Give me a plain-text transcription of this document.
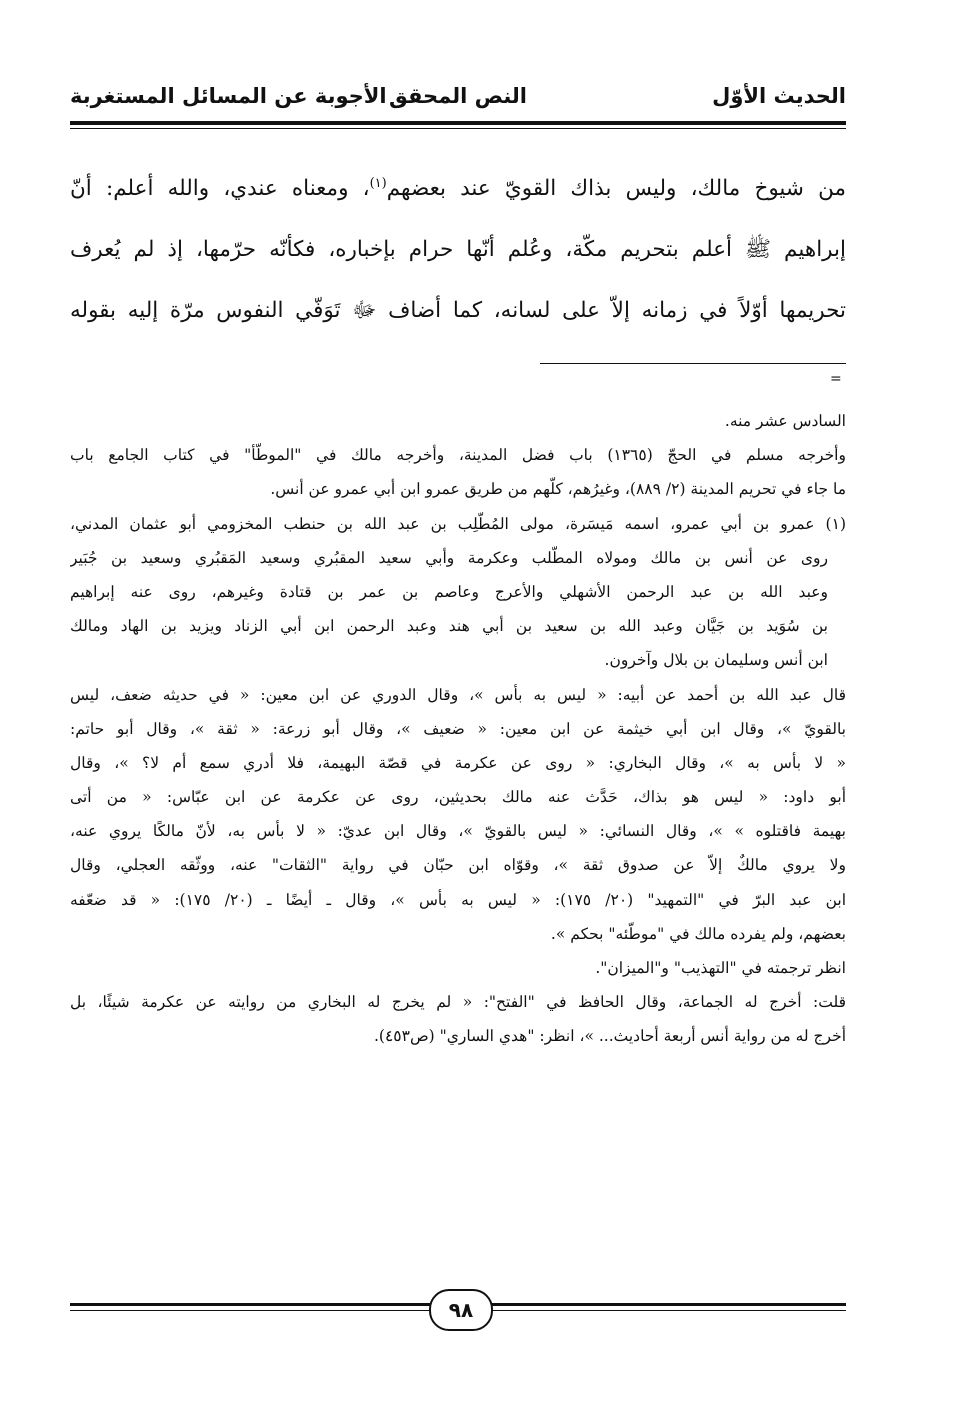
الحديث الأوّل
النص المحقق
الأجوبة عن المسائل المستغربة
من شيوخ مالك، وليس بذاك القويّ عند بعضهم$^{(١)}$، ومعناه عندي، والله أعلم: أنّ
إبراهيم ﷺ أعلم بتحريم مكّة، وعُلم أنّها حرام بإخباره، فكأنّه حرّمها، إذ لم يُعرف
تحريمها أوّلاً في زمانه إلاّ على لسانه، كما أضاف ﷻ تَوَفّي النفوس مرّة إليه بقوله
=
السادس عشر منه.
وأخرجه مسلم في الحجّ (١٣٦٥) باب فضل المدينة، وأخرجه مالك في "الموطّأ" في كتاب الجامع باب
ما جاء في تحريم المدينة (٢/ ٨٨٩)، وغيرُهم، كلّهم من طريق عمرو ابن أبي عمرو عن أنس.
(١) عمرو بن أبي عمرو، اسمه مَيسَرة، مولى المُطّلِب بن عبد الله بن حنطب المخزومي أبو عثمان المدني،
روى عن أنس بن مالك ومولاه المطّلب وعكرمة وأبي سعيد المقبُري وسعيد المَقبُري وسعيد بن جُبَير
وعبد الله بن عبد الرحمن الأشهلي والأعرج وعاصم بن عمر بن قتادة وغيرهم، روى عنه إبراهيم
بن سُوَيد بن جَيَّان وعبد الله بن سعيد بن أبي هند وعبد الرحمن ابن أبي الزناد ويزيد بن الهاد ومالك
ابن أنس وسليمان بن بلال وآخرون.
قال عبد الله بن أحمد عن أبيه: « ليس به بأس »، وقال الدوري عن ابن معين: « في حديثه ضعف، ليس
بالقويّ »، وقال ابن أبي خيثمة عن ابن معين: « ضعيف »، وقال أبو زرعة: « ثقة »، وقال أبو حاتم:
« لا بأس به »، وقال البخاري: « روى عن عكرمة في قصّة البهيمة، فلا أدري سمع أم لا؟ »، وقال
أبو داود: « ليس هو بذاك، حَدَّث عنه مالك بحديثين، روى عن عكرمة عن ابن عبّاس: « من أتى
بهيمة فاقتلوه » »، وقال النسائي: « ليس بالقويّ »، وقال ابن عديّ: « لا بأس به، لأنّ مالكًا يروي عنه،
ولا يروي مالكٌ إلاّ عن صدوق ثقة »، وقوّاه ابن حبّان في رواية "الثقات" عنه، ووثّقه العجلي، وقال
ابن عبد البرّ في "التمهيد" (٢٠/ ١٧٥): « ليس به بأس »، وقال ـ أيضًا ـ (٢٠/ ١٧٥): « قد ضعّفه
بعضهم، ولم يفرده مالك في "موطّئه" بحكم ».
انظر ترجمته في "التهذيب" و"الميزان".
قلت: أخرج له الجماعة، وقال الحافظ في "الفتح": « لم يخرج له البخاري من روايته عن عكرمة شيئًا، بل
أخرج له من رواية أنس أربعة أحاديث... »، انظر: "هدي الساري" (ص٤٥٣).
٩٨
